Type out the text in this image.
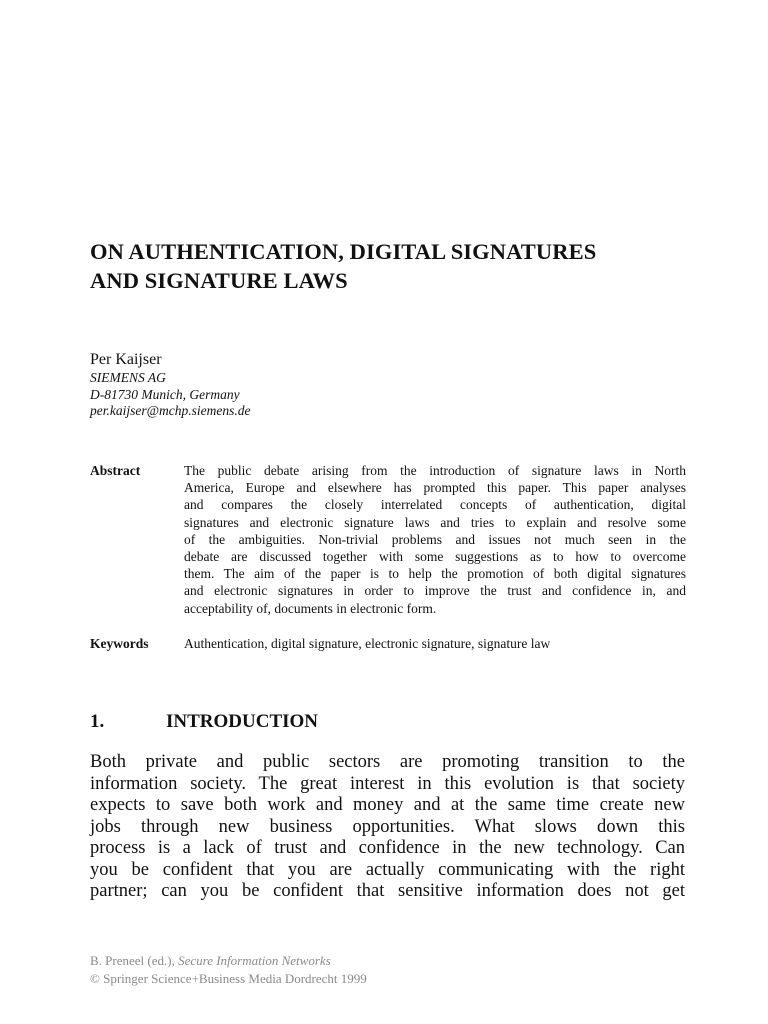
ON AUTHENTICATION, DIGITAL SIGNATURES
AND SIGNATURE LAWS
Per Kaijser
SIEMENS AG
D-81730 Munich, Germany
per.kaijser@mchp.siemens.de
Abstract	The public debate arising from the introduction of signature laws in North
America, Europe and elsewhere has prompted this paper. This paper analyses
and compares the closely interrelated concepts of authentication, digital
signatures and electronic signature laws and tries to explain and resolve some
of the ambiguities. Non-trivial problems and issues not much seen in the
debate are discussed together with some suggestions as to how to overcome
them. The aim of the paper is to help the promotion of both digital signatures
and electronic signatures in order to improve the trust and confidence in, and
acceptability of, documents in electronic form.
Keywords	Authentication, digital signature, electronic signature, signature law
1.	INTRODUCTION
Both private and public sectors are promoting transition to the
information society. The great interest in this evolution is that society
expects to save both work and money and at the same time create new
jobs through new business opportunities. What slows down this
process is a lack of trust and confidence in the new technology. Can
you be confident that you are actually communicating with the right
partner; can you be confident that sensitive information does not get
B. Preneel (ed.), Secure Information Networks
© Springer Science+Business Media Dordrecht 1999
